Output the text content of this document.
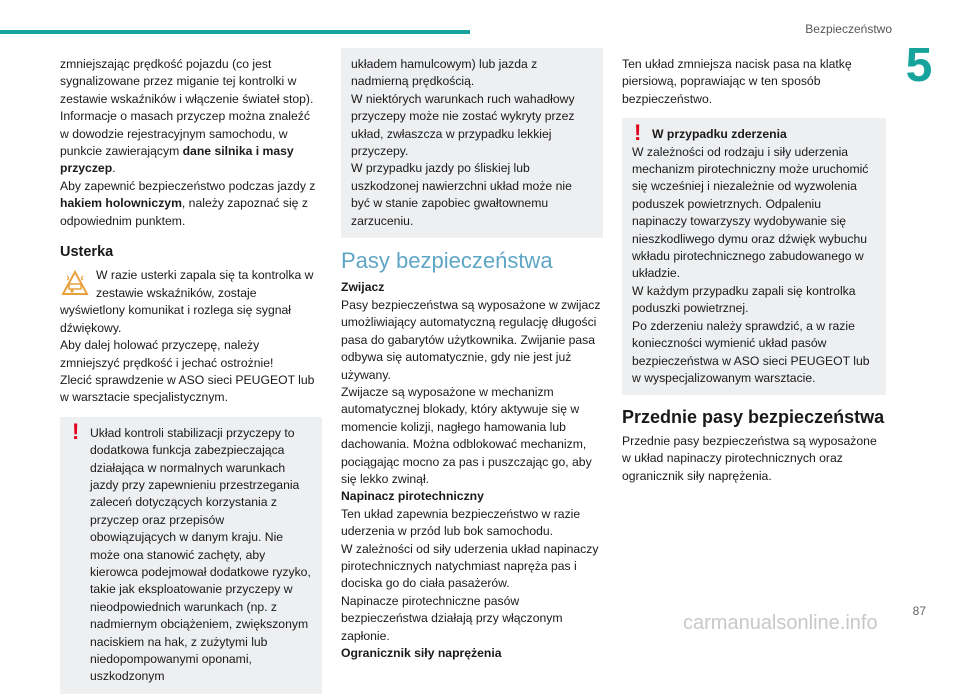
Bezpieczeństwo
5

zmniejszając prędkość pojazdu (co jest sygnalizowane przez miganie tej kontrolki w zestawie wskaźników i włączenie świateł stop). Informacje o masach przyczep można znaleźć w dowodzie rejestracyjnym samochodu, w punkcie zawierającym dane silnika i masy przyczep.

Aby zapewnić bezpieczeństwo podczas jazdy z hakiem holowniczym, należy zapoznać się z odpowiednim punktem.

Usterka

W razie usterki zapala się ta kontrolka w zestawie wskaźników, zostaje wyświetlony komunikat i rozlega się sygnał dźwiękowy.

Aby dalej holować przyczepę, należy zmniejszyć prędkość i jechać ostrożnie!

Zlecić sprawdzenie w ASO sieci PEUGEOT lub w warsztacie specjalistycznym.

! Układ kontroli stabilizacji przyczepy to dodatkowa funkcja zabezpieczająca działająca w normalnych warunkach jazdy przy zapewnieniu przestrzegania zaleceń dotyczących korzystania z przyczep oraz przepisów obowiązujących w danym kraju. Nie może ona stanowić zachęty, aby kierowca podejmował dodatkowe ryzyko, takie jak eksploatowanie przyczepy w nieodpowiednich warunkach (np. z nadmiernym obciążeniem, zwiększonym naciskiem na hak, z zużytymi lub niedopompowanymi oponami, uszkodzonym

układem hamulcowym) lub jazda z nadmierną prędkością.

W niektórych warunkach ruch wahadłowy przyczepy może nie zostać wykryty przez układ, zwłaszcza w przypadku lekkiej przyczepy.

W przypadku jazdy po śliskiej lub uszkodzonej nawierzchni układ może nie być w stanie zapobiec gwałtownemu zarzuceniu.

Pasy bezpieczeństwa

Zwijacz

Pasy bezpieczeństwa są wyposażone w zwijacz umożliwiający automatyczną regulację długości pasa do gabarytów użytkownika. Zwijanie pasa odbywa się automatycznie, gdy nie jest już używany.

Zwijacze są wyposażone w mechanizm automatycznej blokady, który aktywuje się w momencie kolizji, nagłego hamowania lub dachowania. Można odblokować mechanizm, pociągając mocno za pas i puszczając go, aby się lekko zwinął.

Napinacz pirotechniczny

Ten układ zapewnia bezpieczeństwo w razie uderzenia w przód lub bok samochodu.

W zależności od siły uderzenia układ napinaczy pirotechnicznych natychmiast napręża pas i dociska go do ciała pasażerów.

Napinacze pirotechniczne pasów bezpieczeństwa działają przy włączonym zapłonie.

Ogranicznik siły naprężenia

Ten układ zmniejsza nacisk pasa na klatkę piersiową, poprawiając w ten sposób bezpieczeństwo.

! W przypadku zderzenia

W zależności od rodzaju i siły uderzenia mechanizm pirotechniczny może uruchomić się wcześniej i niezależnie od wyzwolenia poduszek powietrznych. Odpaleniu napinaczy towarzyszy wydobywanie się nieszkodliwego dymu oraz dźwięk wybuchu wkładu pirotechnicznego zabudowanego w układzie.

W każdym przypadku zapali się kontrolka poduszki powietrznej.

Po zderzeniu należy sprawdzić, a w razie konieczności wymienić układ pasów bezpieczeństwa w ASO sieci PEUGEOT lub w wyspecjalizowanym warsztacie.

Przednie pasy bezpieczeństwa

Przednie pasy bezpieczeństwa są wyposażone w układ napinaczy pirotechnicznych oraz ogranicznik siły naprężenia.

87
carmanualsonline.info
